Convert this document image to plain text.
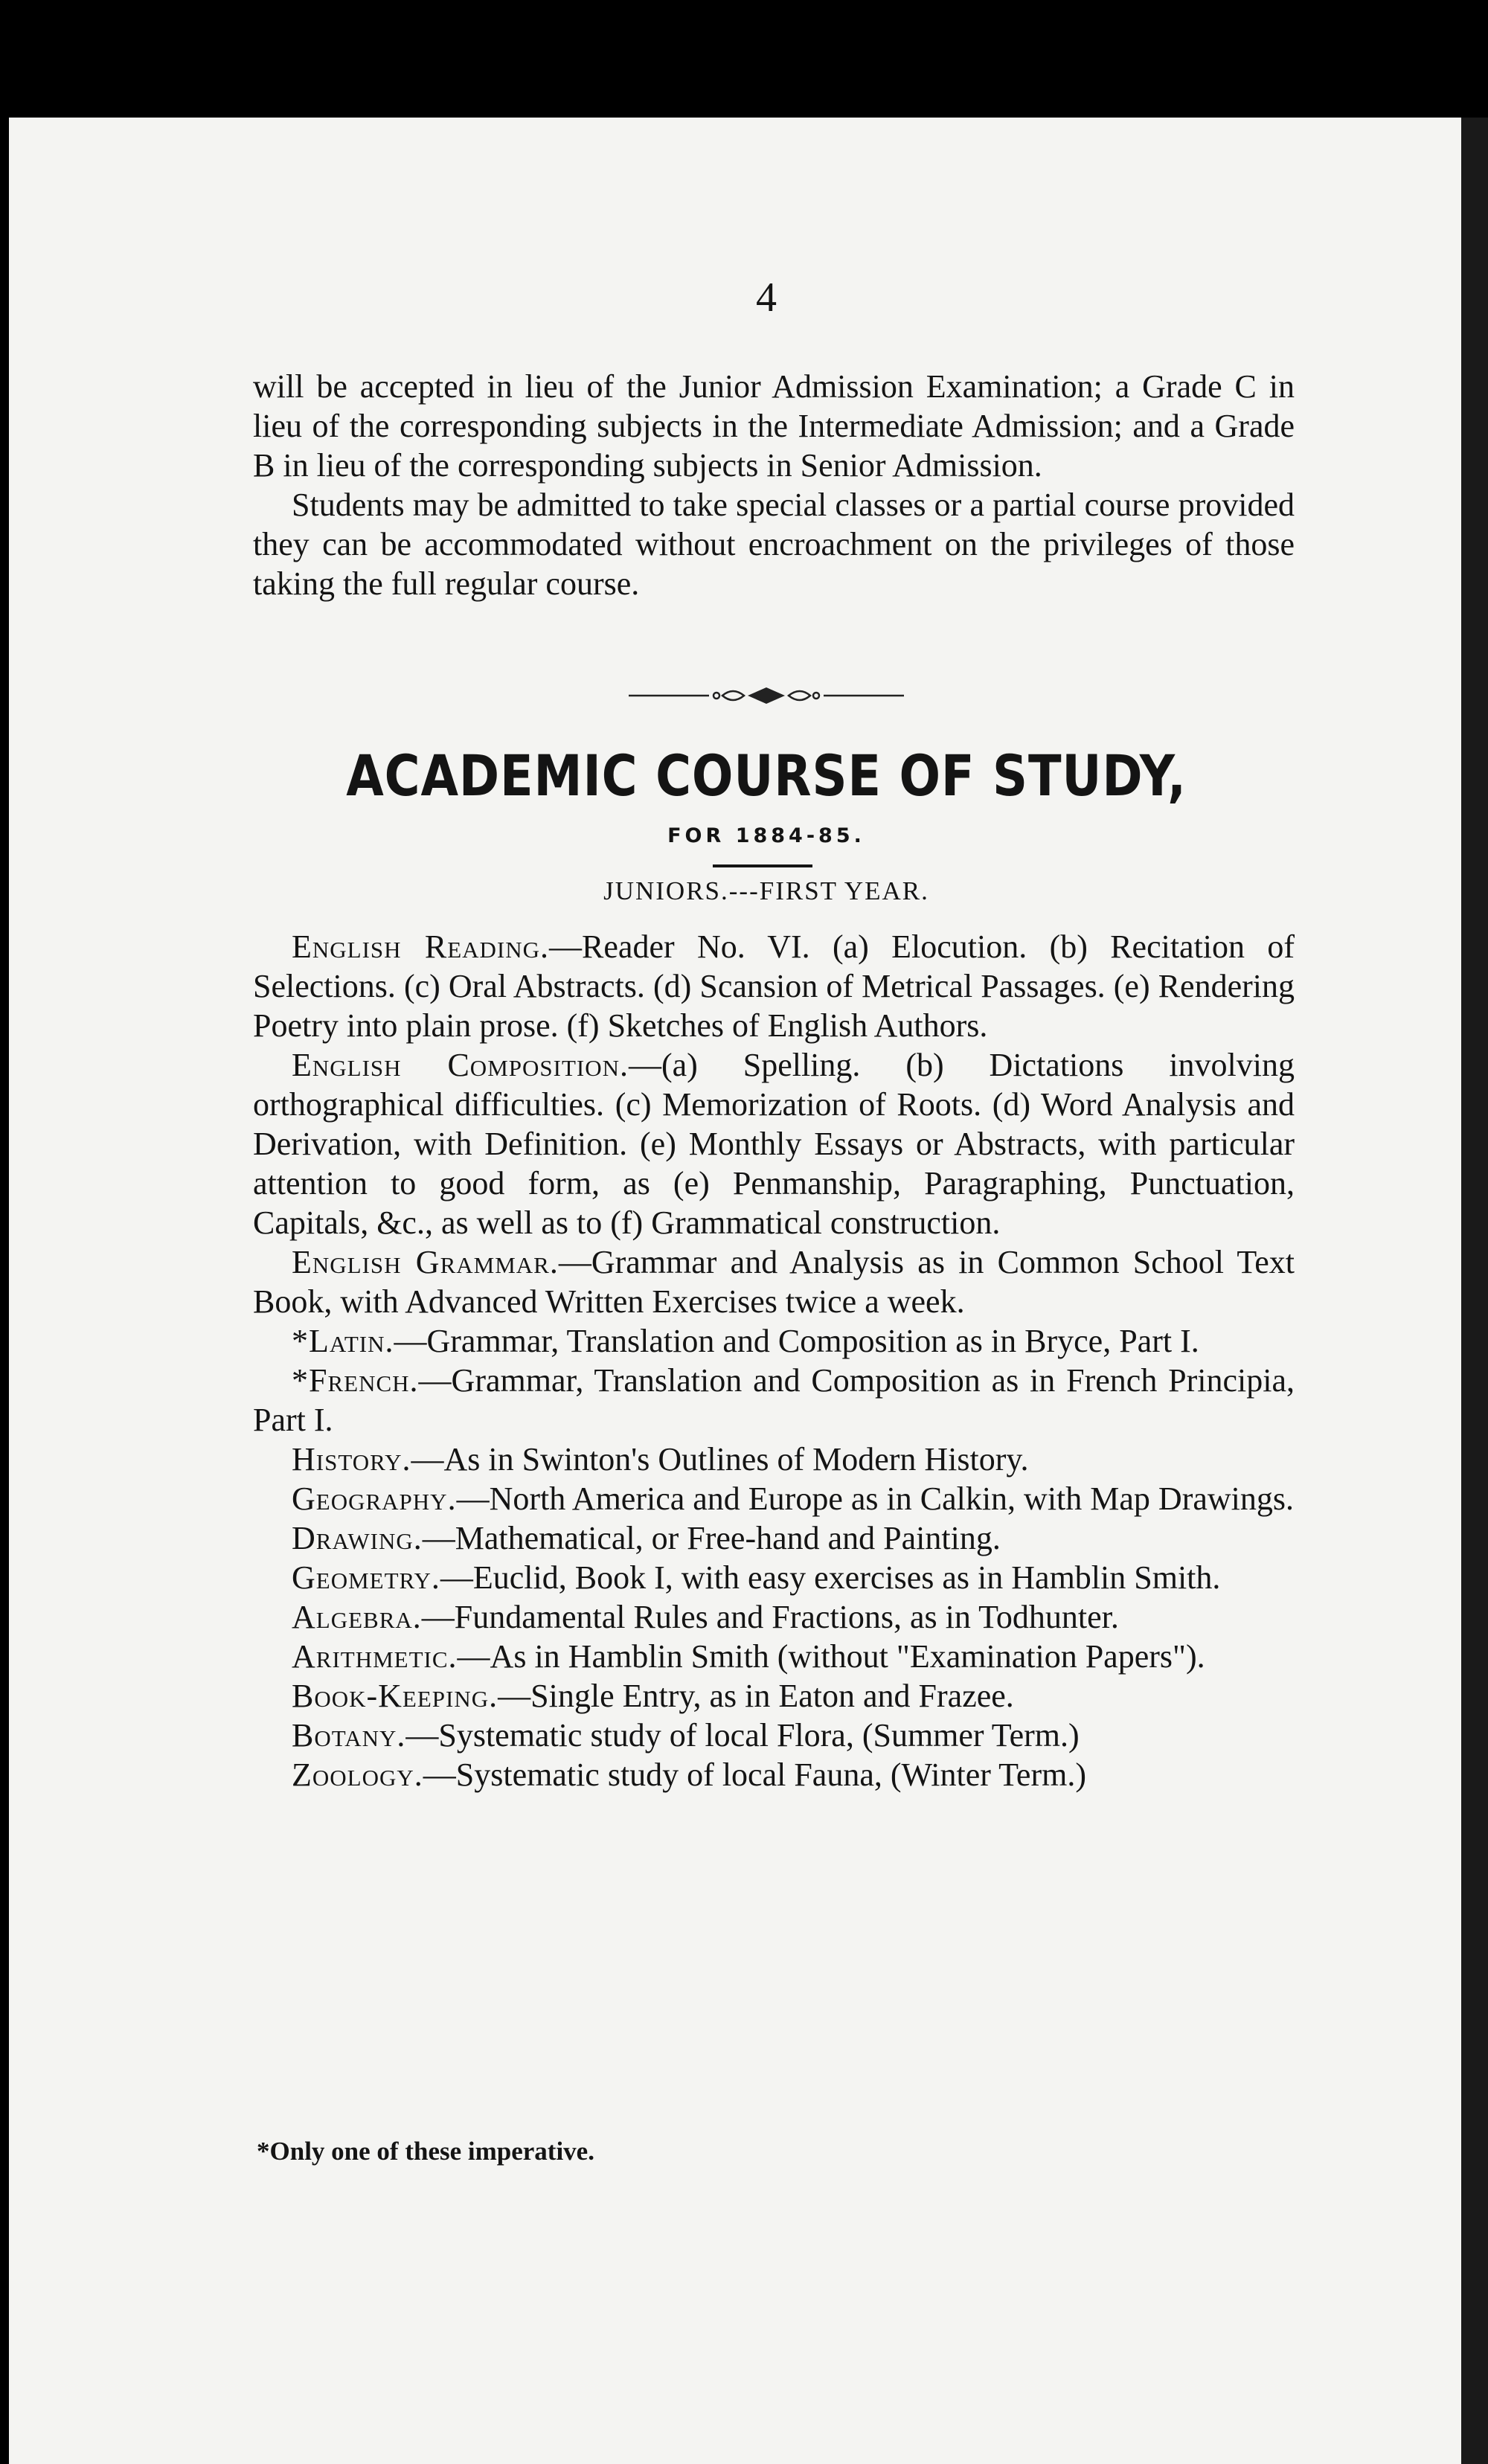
4

will be accepted in lieu of the Junior Admission Examination; a Grade C in lieu of the corresponding subjects in the Intermediate Admission; and a Grade B in lieu of the corresponding subjects in Senior Admission.

Students may be admitted to take special classes or a partial course provided they can be accommodated without encroachment on the privileges of those taking the full regular course.

ACADEMIC COURSE OF STUDY,
FOR 1884-85.
JUNIORS.---FIRST YEAR.

English Reading.—Reader No. VI. (a) Elocution. (b) Recitation of Selections. (c) Oral Abstracts. (d) Scansion of Metrical Passages. (e) Rendering Poetry into plain prose. (f) Sketches of English Authors.

English Composition.—(a) Spelling. (b) Dictations involving orthographical difficulties. (c) Memorization of Roots. (d) Word Analysis and Derivation, with Definition. (e) Monthly Essays or Abstracts, with particular attention to good form, as (e) Penmanship, Paragraphing, Punctuation, Capitals, &c., as well as to (f) Grammatical construction.

English Grammar.—Grammar and Analysis as in Common School Text Book, with Advanced Written Exercises twice a week.

*Latin.—Grammar, Translation and Composition as in Bryce, Part I.

*French.—Grammar, Translation and Composition as in French Principia, Part I.

History.—As in Swinton's Outlines of Modern History.

Geography.—North America and Europe as in Calkin, with Map Drawings.

Drawing.—Mathematical, or Free-hand and Painting.

Geometry.—Euclid, Book I, with easy exercises as in Hamblin Smith.

Algebra.—Fundamental Rules and Fractions, as in Todhunter.

Arithmetic.—As in Hamblin Smith (without "Examination Papers").

Book-Keeping.—Single Entry, as in Eaton and Frazee.

Botany.—Systematic study of local Flora, (Summer Term.)

Zoology.—Systematic study of local Fauna, (Winter Term.)

*Only one of these imperative.
